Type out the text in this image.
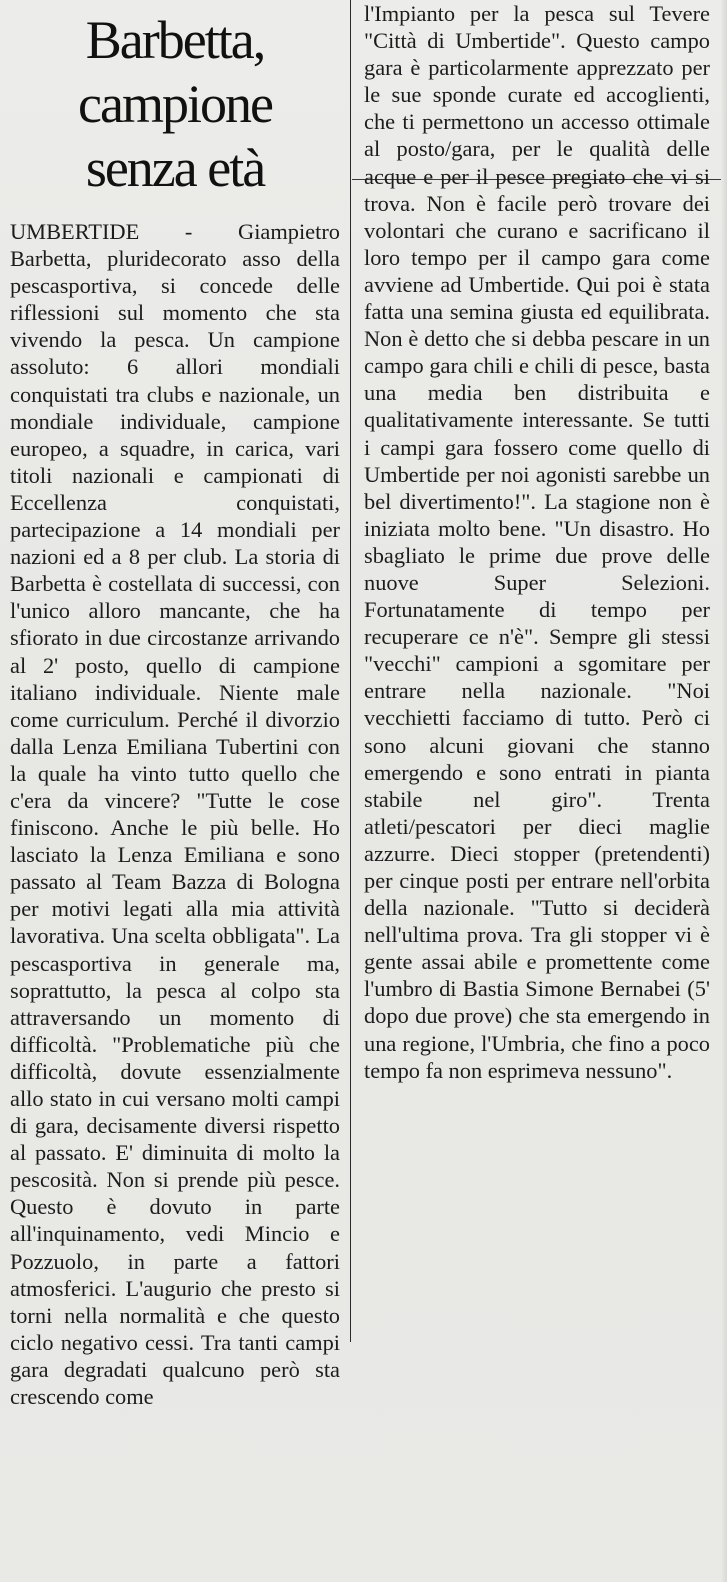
Barbetta,
campione
senza età

UMBERTIDE - Giampietro Barbetta, pluridecorato asso della pescasportiva, si concede delle riflessioni sul momento che sta vivendo la pesca. Un campione assoluto: 6 allori mondiali conquistati tra clubs e nazionale, un mondiale individuale, campione europeo, a squadre, in carica, vari titoli nazionali e campionati di Eccellenza conquistati, partecipazione a 14 mondiali per nazioni ed a 8 per club. La storia di Barbetta è costellata di successi, con l'unico alloro mancante, che ha sfiorato in due circostanze arrivando al 2' posto, quello di campione italiano individuale. Niente male come curriculum. Perché il divorzio dalla Lenza Emiliana Tubertini con la quale ha vinto tutto quello che c'era da vincere? "Tutte le cose finiscono. Anche le più belle. Ho lasciato la Lenza Emiliana e sono passato al Team Bazza di Bologna per motivi legati alla mia attività lavorativa. Una scelta obbligata". La pescasportiva in generale ma, soprattutto, la pesca al colpo sta attraversando un momento di difficoltà. "Problematiche più che difficoltà, dovute essenzialmente allo stato in cui versano molti campi di gara, decisamente diversi rispetto al passato. E' diminuita di molto la pescosità. Non si prende più pesce. Questo è dovuto in parte all'inquinamento, vedi Mincio e Pozzuolo, in parte a fattori atmosferici. L'augurio che presto si torni nella normalità e che questo ciclo negativo cessi. Tra tanti campi gara degradati qualcuno però sta crescendo come

l'Impianto per la pesca sul Tevere "Città di Umbertide". Questo campo gara è particolarmente apprezzato per le sue sponde curate ed accoglienti, che ti permettono un accesso ottimale al posto/gara, per le qualità delle acque e per il pesce pregiato che vi si trova. Non è facile però trovare dei volontari che curano e sacrificano il loro tempo per il campo gara come avviene ad Umbertide. Qui poi è stata fatta una semina giusta ed equilibrata. Non è detto che si debba pescare in un campo gara chili e chili di pesce, basta una media ben distribuita e qualitativamente interessante. Se tutti i campi gara fossero come quello di Umbertide per noi agonisti sarebbe un bel divertimento!". La stagione non è iniziata molto bene. "Un disastro. Ho sbagliato le prime due prove delle nuove Super Selezioni. Fortunatamente di tempo per recuperare ce n'è". Sempre gli stessi "vecchi" campioni a sgomitare per entrare nella nazionale. "Noi vecchietti facciamo di tutto. Però ci sono alcuni giovani che stanno emergendo e sono entrati in pianta stabile nel giro". Trenta atleti/pescatori per dieci maglie azzurre. Dieci stopper (pretendenti) per cinque posti per entrare nell'orbita della nazionale. "Tutto si deciderà nell'ultima prova. Tra gli stopper vi è gente assai abile e promettente come l'umbro di Bastia Simone Bernabei (5' dopo due prove) che sta emergendo in una regione, l'Umbria, che fino a poco tempo fa non esprimeva nessuno".
